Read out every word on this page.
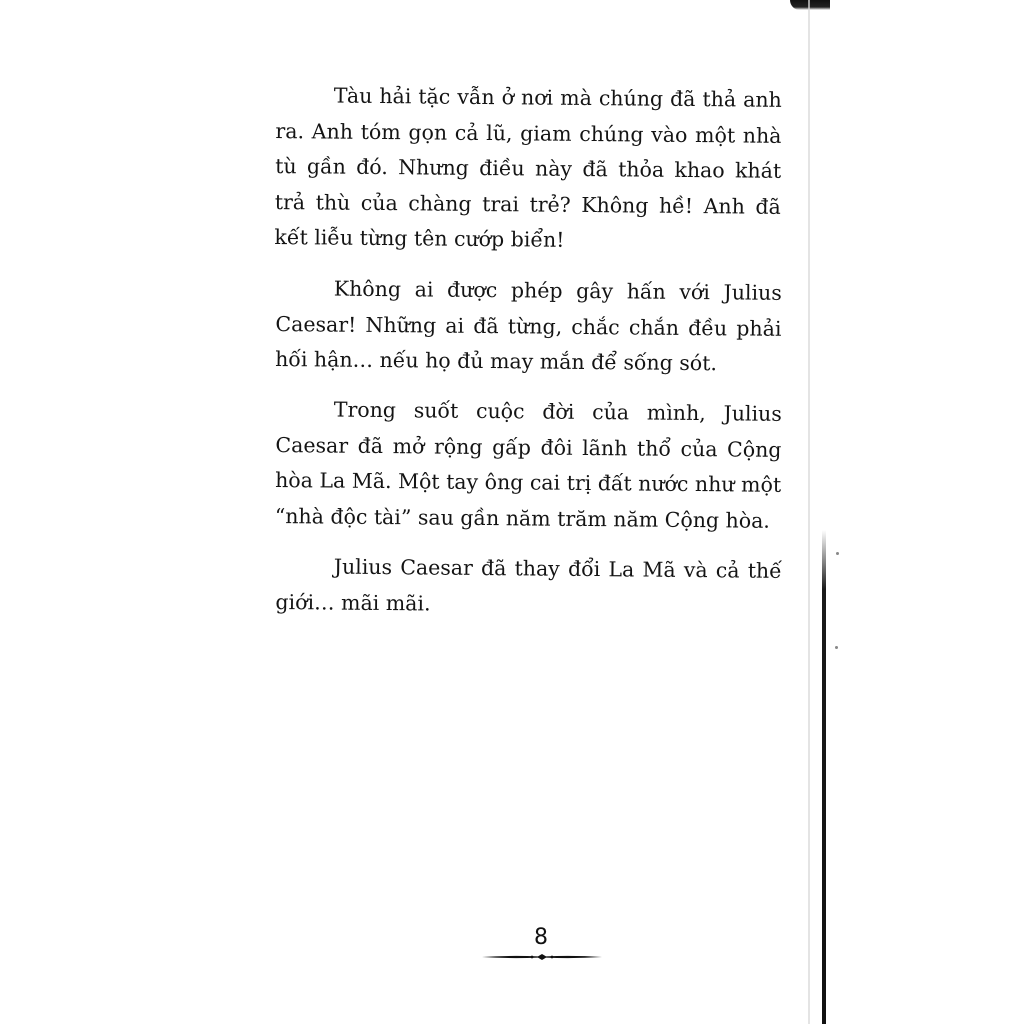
Tàu hải tặc vẫn ở nơi mà chúng đã thả anh ra. Anh tóm gọn cả lũ, giam chúng vào một nhà tù gần đó. Nhưng điều này đã thỏa khao khát trả thù của chàng trai trẻ? Không hề! Anh đã kết liễu từng tên cướp biển!

Không ai được phép gây hấn với Julius Caesar! Những ai đã từng, chắc chắn đều phải hối hận… nếu họ đủ may mắn để sống sót.

Trong suốt cuộc đời của mình, Julius Caesar đã mở rộng gấp đôi lãnh thổ của Cộng hòa La Mã. Một tay ông cai trị đất nước như một “nhà độc tài” sau gần năm trăm năm Cộng hòa.

Julius Caesar đã thay đổi La Mã và cả thế giới… mãi mãi.

8
